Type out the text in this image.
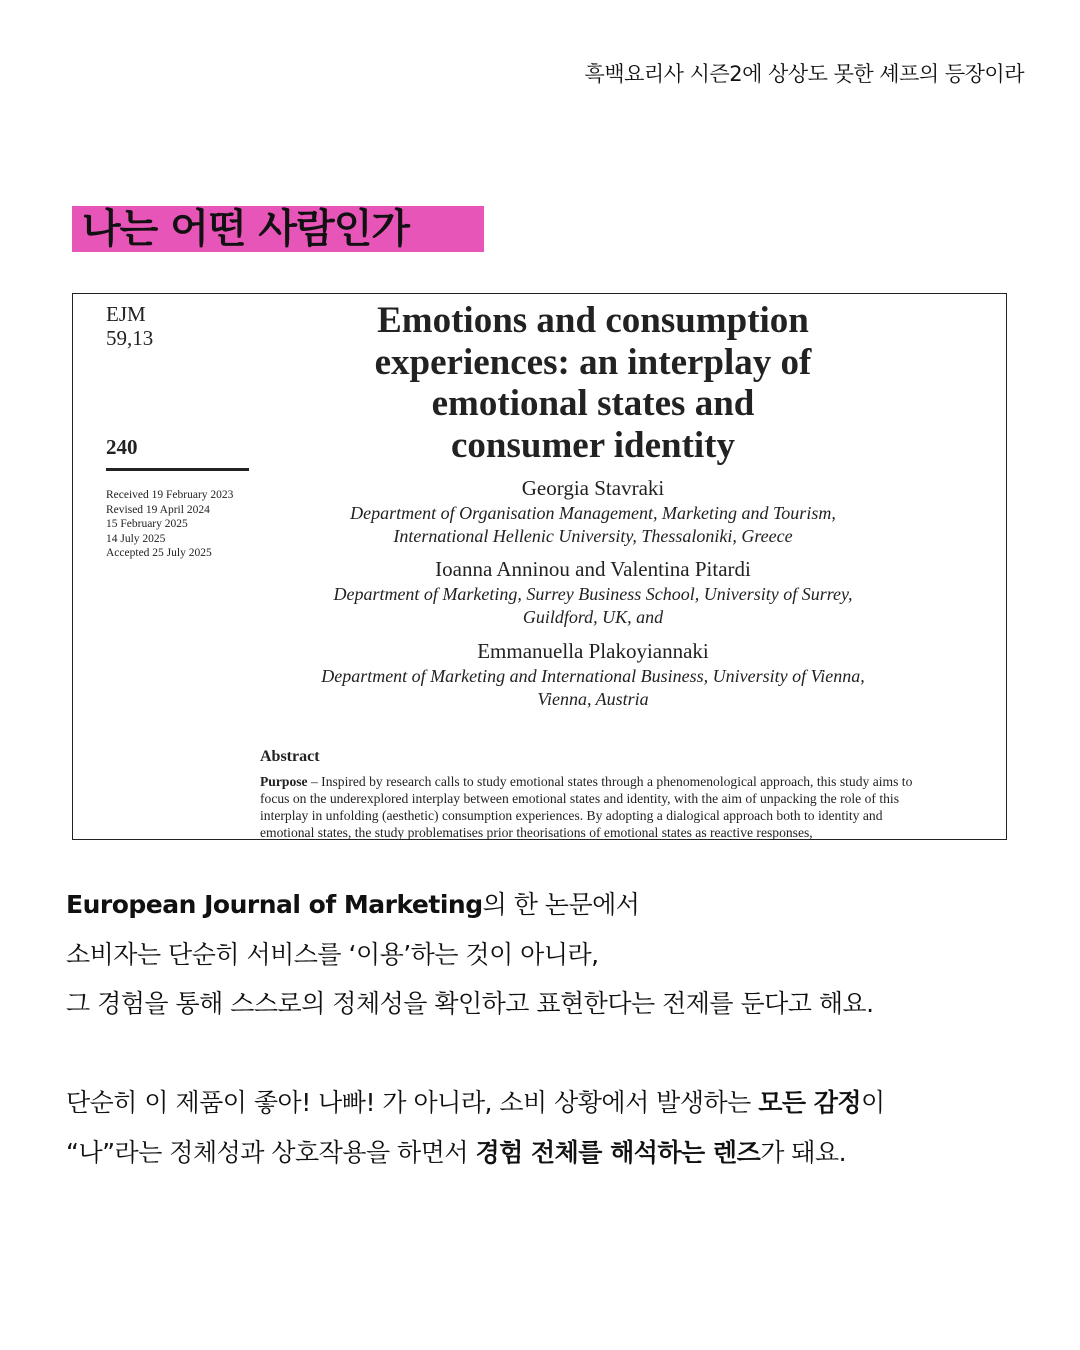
흑백요리사 시즌2에 상상도 못한 셰프의 등장이라
나는 어떤 사람인가
EJM
59,13
240
Received 19 February 2023
Revised 19 April 2024
15 February 2025
14 July 2025
Accepted 25 July 2025
Emotions and consumption
experiences: an interplay of
emotional states and
consumer identity
Georgia Stavraki
Department of Organisation Management, Marketing and Tourism,
International Hellenic University, Thessaloniki, Greece
Ioanna Anninou and Valentina Pitardi
Department of Marketing, Surrey Business School, University of Surrey,
Guildford, UK, and
Emmanuella Plakoyiannaki
Department of Marketing and International Business, University of Vienna,
Vienna, Austria
Abstract
Purpose – Inspired by research calls to study emotional states through a phenomenological approach, this study aims to focus on the underexplored interplay between emotional states and identity, with the aim of unpacking the role of this interplay in unfolding (aesthetic) consumption experiences. By adopting a dialogical approach both to identity and emotional states, the study problematises prior theorisations of emotional states as reactive responses,
European Journal of Marketing의 한 논문에서
소비자는 단순히 서비스를 ‘이용’하는 것이 아니라,
그 경험을 통해 스스로의 정체성을 확인하고 표현한다는 전제를 둔다고 해요.
단순히 이 제품이 좋아! 나빠! 가 아니라, 소비 상황에서 발생하는 모든 감정이
“나”라는 정체성과 상호작용을 하면서 경험 전체를 해석하는 렌즈가 돼요.
